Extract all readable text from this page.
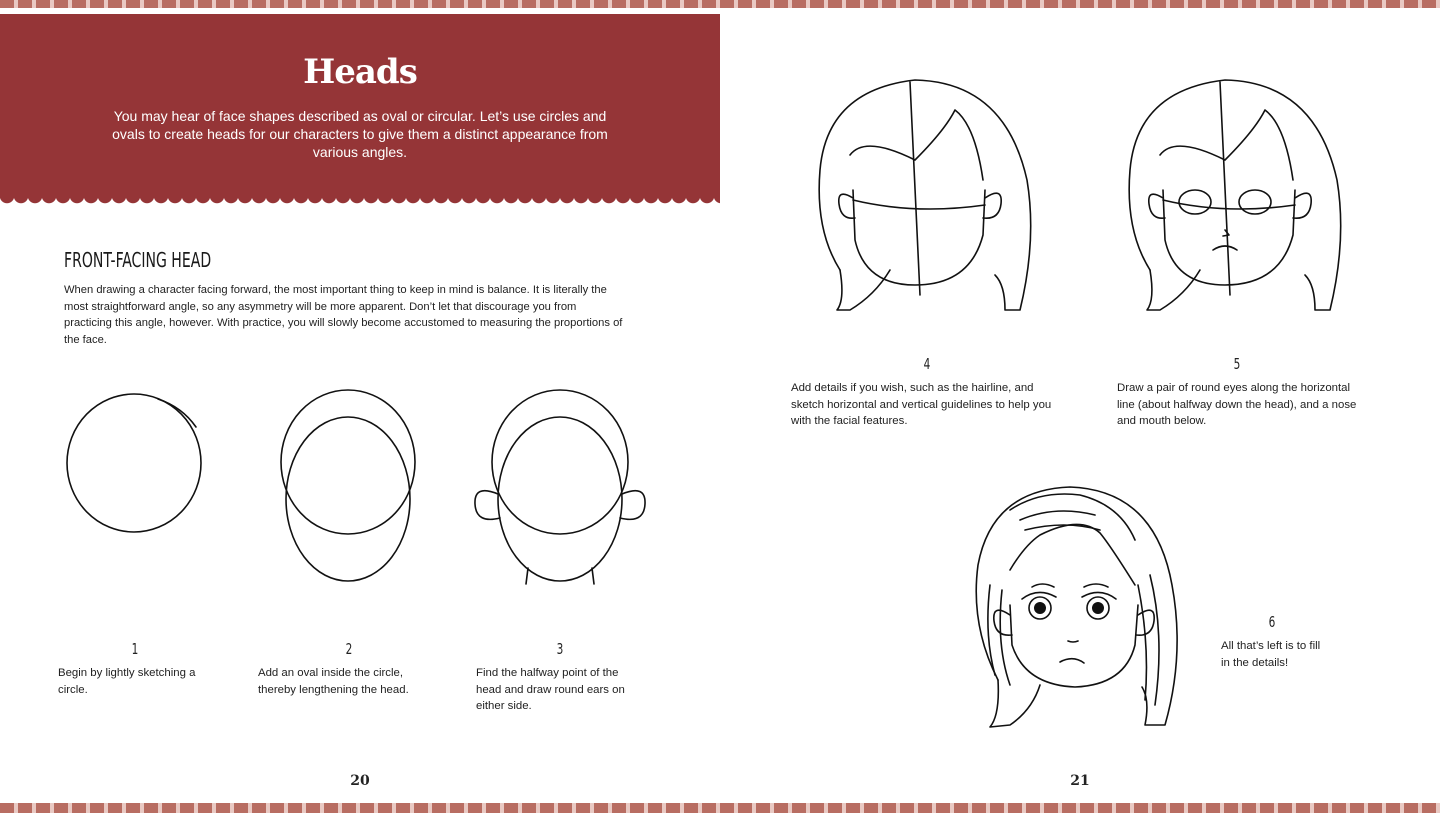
Heads

You may hear of face shapes described as oval or circular. Let’s use circles and ovals to create heads for our characters to give them a distinct appearance from various angles.

FRONT-FACING HEAD

When drawing a character facing forward, the most important thing to keep in mind is balance. It is literally the most straightforward angle, so any asymmetry will be more apparent. Don’t let that discourage you from practicing this angle, however. With practice, you will slowly become accustomed to measuring the proportions of the face.

1

Begin by lightly sketching a circle.

2

Add an oval inside the circle, thereby lengthening the head.

3

Find the halfway point of the head and draw round ears on either side.

4

Add details if you wish, such as the hairline, and sketch horizontal and vertical guidelines to help you with the facial features.

5

Draw a pair of round eyes along the horizontal line (about halfway down the head), and a nose and mouth below.

6

All that’s left is to fill in the details!

20	21
